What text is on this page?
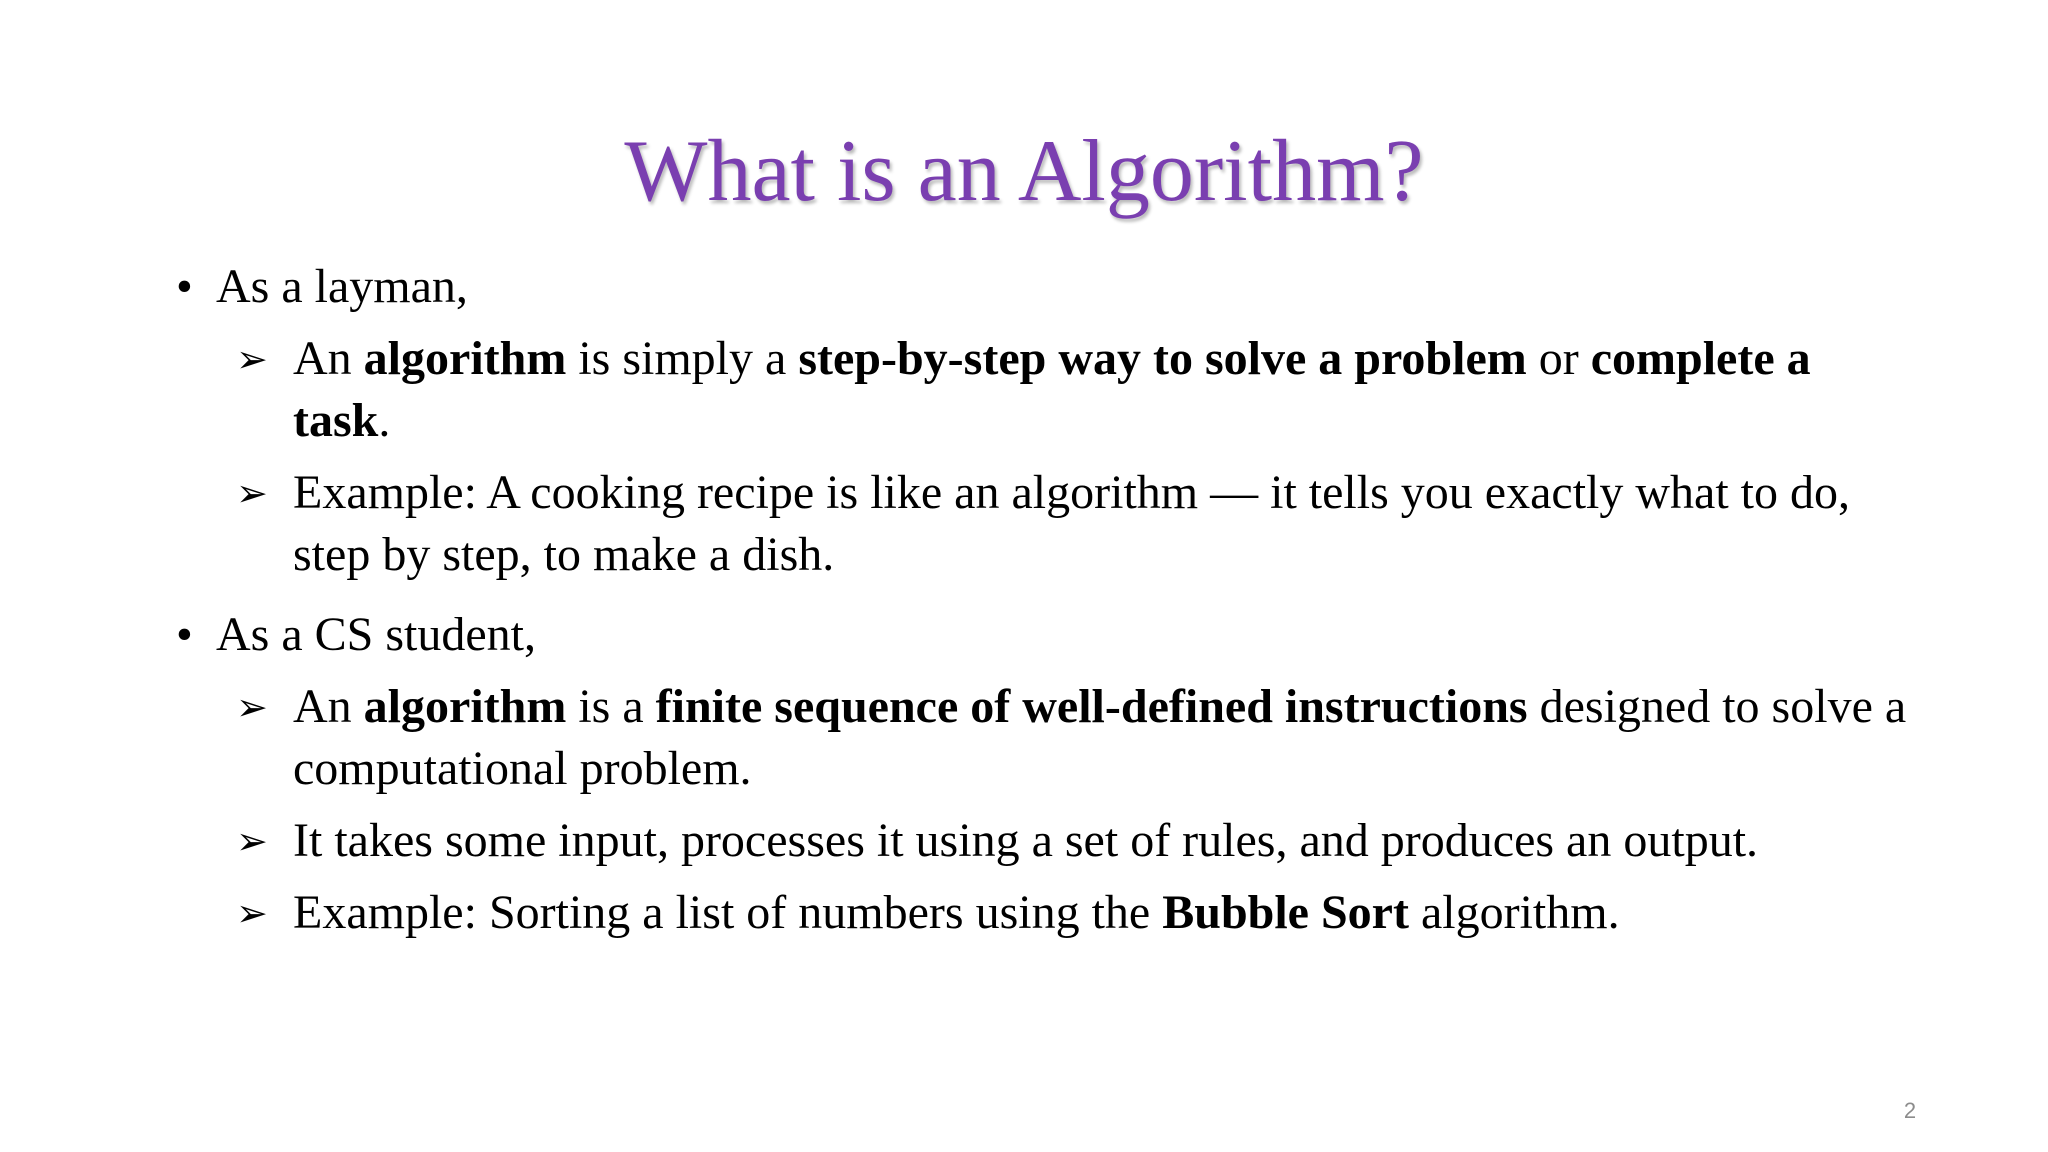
What is an Algorithm?
• As a layman,

➢ An algorithm is simply a step-by-step way to solve a problem or complete a task.
➢ Example: A cooking recipe is like an algorithm — it tells you exactly what to do, step by step, to make a dish.
• As a CS student,

➢ An algorithm is a finite sequence of well-defined instructions designed to solve a computational problem.
➢ It takes some input, processes it using a set of rules, and produces an output.
➢ Example: Sorting a list of numbers using the Bubble Sort algorithm.
2
